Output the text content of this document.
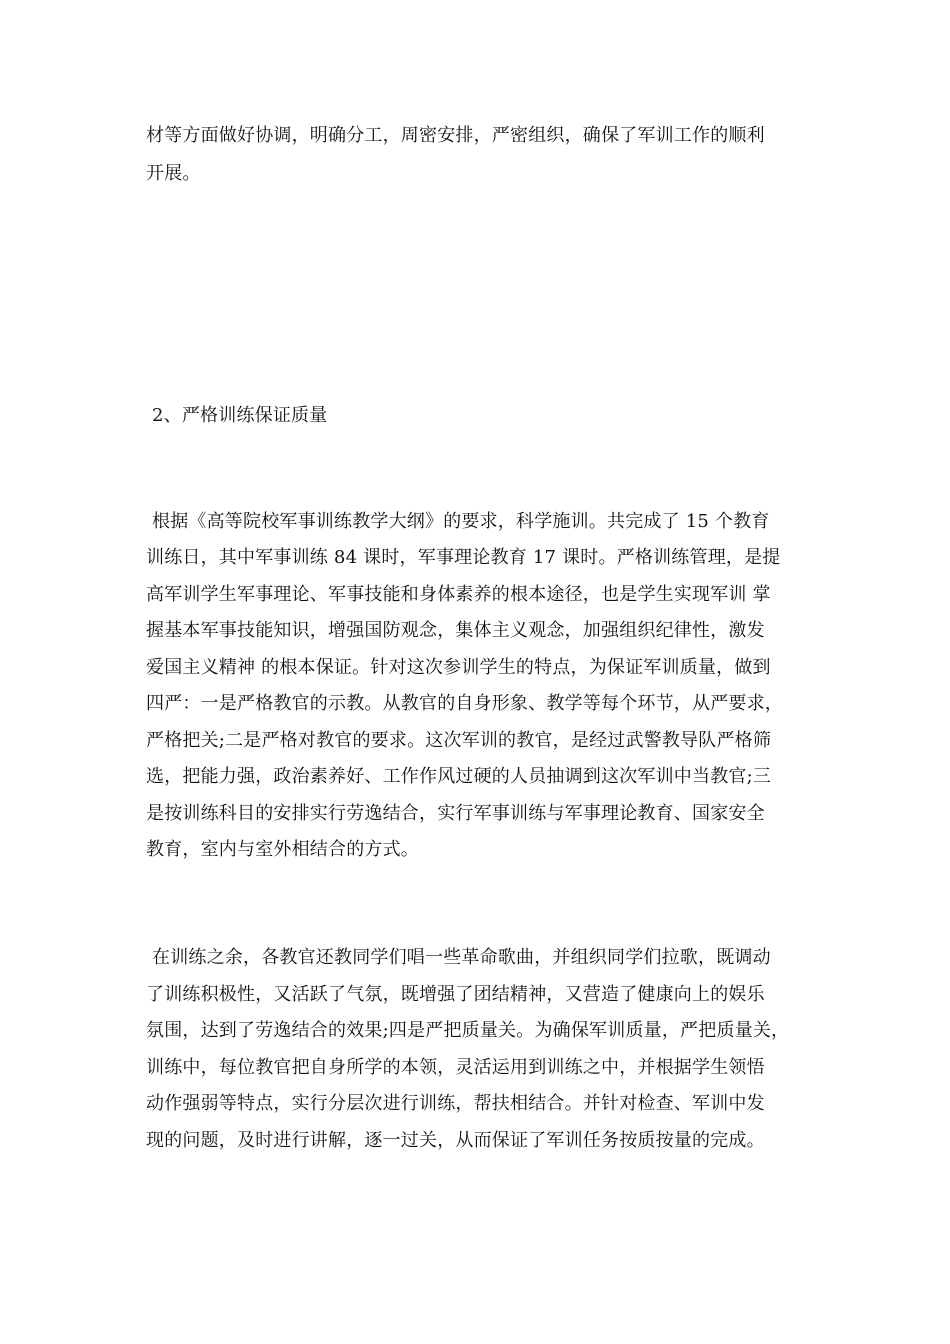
材等方面做好协调，明确分工，周密安排，严密组织，确保了军训工作的顺利
开展。
2、严格训练保证质量
根据《高等院校军事训练教学大纲》的要求，科学施训。共完成了 15 个教育
训练日，其中军事训练 84 课时，军事理论教育 17 课时。严格训练管理，是提
高军训学生军事理论、军事技能和身体素养的根本途径，也是学生实现军训 掌
握基本军事技能知识，增强国防观念，集体主义观念，加强组织纪律性，激发
爱国主义精神 的根本保证。针对这次参训学生的特点，为保证军训质量，做到
四严：一是严格教官的示教。从教官的自身形象、教学等每个环节，从严要求，
严格把关;二是严格对教官的要求。这次军训的教官，是经过武警教导队严格筛
选，把能力强，政治素养好、工作作风过硬的人员抽调到这次军训中当教官;三
是按训练科目的安排实行劳逸结合，实行军事训练与军事理论教育、国家安全
教育，室内与室外相结合的方式。
在训练之余，各教官还教同学们唱一些革命歌曲，并组织同学们拉歌，既调动
了训练积极性，又活跃了气氛，既增强了团结精神，又营造了健康向上的娱乐
氛围，达到了劳逸结合的效果;四是严把质量关。为确保军训质量，严把质量关，
训练中，每位教官把自身所学的本领，灵活运用到训练之中，并根据学生领悟
动作强弱等特点，实行分层次进行训练，帮扶相结合。并针对检查、军训中发
现的问题，及时进行讲解，逐一过关，从而保证了军训任务按质按量的完成。
